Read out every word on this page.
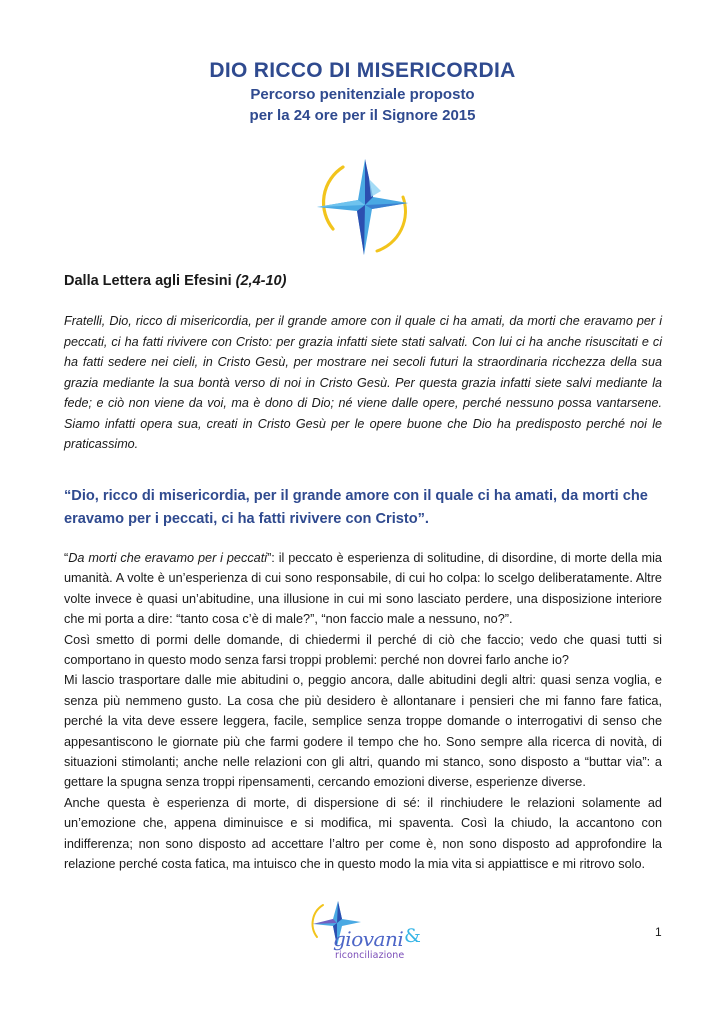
DIO RICCO DI MISERICORDIA
Percorso penitenziale proposto
per la 24 ore per il Signore 2015
Dalla Lettera agli Efesini (2,4-10)

Fratelli, Dio, ricco di misericordia, per il grande amore con il quale ci ha amati, da morti che eravamo per i peccati, ci ha fatti rivivere con Cristo: per grazia infatti siete stati salvati. Con lui ci ha anche risuscitati e ci ha fatti sedere nei cieli, in Cristo Gesù, per mostrare nei secoli futuri la straordinaria ricchezza della sua grazia mediante la sua bontà verso di noi in Cristo Gesù. Per questa grazia infatti siete salvi mediante la fede; e ciò non viene da voi, ma è dono di Dio; né viene dalle opere, perché nessuno possa vantarsene. Siamo infatti opera sua, creati in Cristo Gesù per le opere buone che Dio ha predisposto perché noi le praticassimo.

“Dio, ricco di misericordia, per il grande amore con il quale ci ha amati, da morti che eravamo per i peccati, ci ha fatti rivivere con Cristo”.

“Da morti che eravamo per i peccati”: il peccato è esperienza di solitudine, di disordine, di morte della mia umanità. A volte è un’esperienza di cui sono responsabile, di cui ho colpa: lo scelgo deliberatamente. Altre volte invece è quasi un’abitudine, una illusione in cui mi sono lasciato perdere, una disposizione interiore che mi porta a dire: “tanto cosa c’è di male?”, “non faccio male a nessuno, no?”.

Così smetto di pormi delle domande, di chiedermi il perché di ciò che faccio; vedo che quasi tutti si comportano in questo modo senza farsi troppi problemi: perché non dovrei farlo anche io?

Mi lascio trasportare dalle mie abitudini o, peggio ancora, dalle abitudini degli altri: quasi senza voglia, e senza più nemmeno gusto. La cosa che più desidero è allontanare i pensieri che mi fanno fare fatica, perché la vita deve essere leggera, facile, semplice senza troppe domande o interrogativi di senso che appesantiscono le giornate più che farmi godere il tempo che ho. Sono sempre alla ricerca di novità, di situazioni stimolanti; anche nelle relazioni con gli altri, quando mi stanco, sono disposto a “buttar via”: a gettare la spugna senza troppi ripensamenti, cercando emozioni diverse, esperienze diverse.

Anche questa è esperienza di morte, di dispersione di sé: il rinchiudere le relazioni solamente ad un’emozione che, appena diminuisce e si modifica, mi spaventa. Così la chiudo, la accantono con indifferenza; non sono disposto ad accettare l’altro per come è, non sono disposto ad approfondire la relazione perché costa fatica, ma intuisco che in questo modo la mia vita si appiattisce e mi ritrovo solo.

giovani &
riconciliazione
1
